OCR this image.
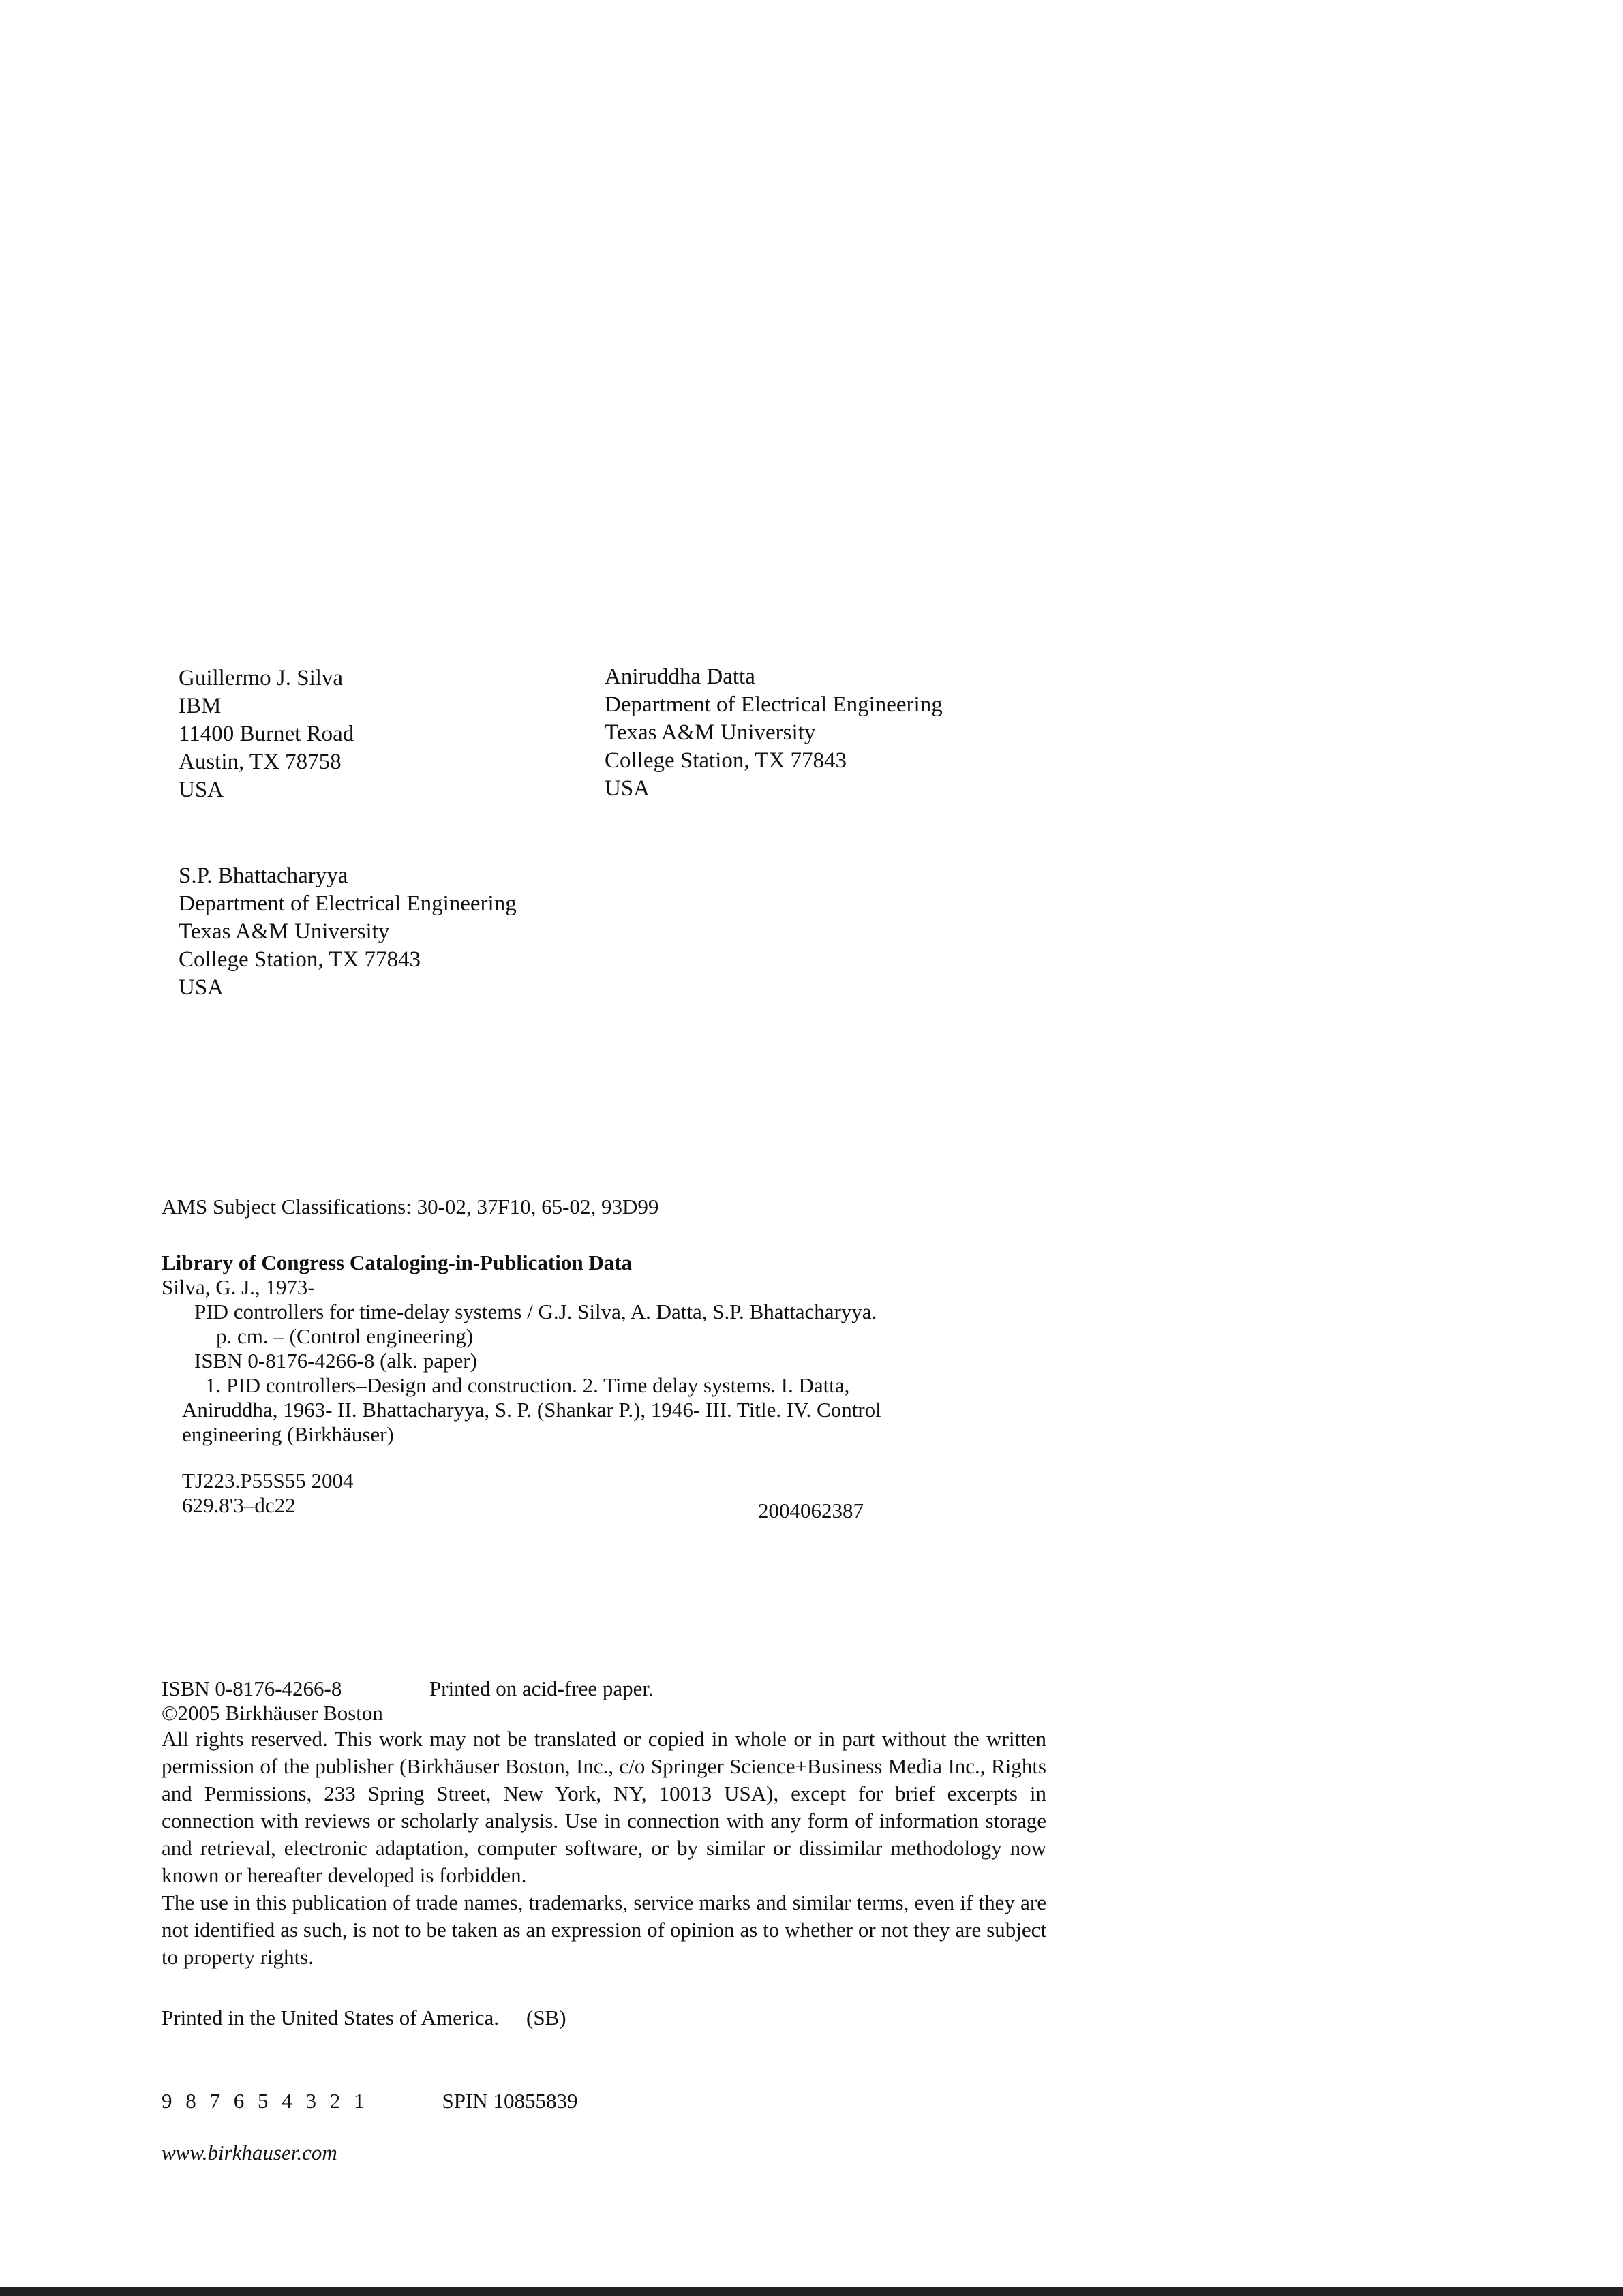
Guillermo J. Silva
IBM
11400 Burnet Road
Austin, TX 78758
USA
Aniruddha Datta
Department of Electrical Engineering
Texas A&M University
College Station, TX 77843
USA
S.P. Bhattacharyya
Department of Electrical Engineering
Texas A&M University
College Station, TX 77843
USA
AMS Subject Classifications: 30-02, 37F10, 65-02, 93D99
Library of Congress Cataloging-in-Publication Data
Silva, G. J., 1973-
PID controllers for time-delay systems / G.J. Silva, A. Datta, S.P. Bhattacharyya.
p. cm. – (Control engineering)
ISBN 0-8176-4266-8 (alk. paper)
1. PID controllers–Design and construction. 2. Time delay systems. I. Datta,
Aniruddha, 1963- II. Bhattacharyya, S. P. (Shankar P.), 1946- III. Title. IV. Control
engineering (Birkhäuser)
TJ223.P55S55 2004
629.8'3–dc22	2004062387
ISBN 0-8176-4266-8	Printed on acid-free paper.
©2005 Birkhäuser Boston

All rights reserved. This work may not be translated or copied in whole or in part without the written permission of the publisher (Birkhäuser Boston, Inc., c/o Springer Science+Business Media Inc., Rights and Permissions, 233 Spring Street, New York, NY, 10013 USA), except for brief excerpts in connection with reviews or scholarly analysis. Use in connection with any form of information storage and retrieval, electronic adaptation, computer software, or by similar or dissimilar methodology now known or hereafter developed is forbidden.

The use in this publication of trade names, trademarks, service marks and similar terms, even if they are not identified as such, is not to be taken as an expression of opinion as to whether or not they are subject to property rights.

Printed in the United States of America. (SB)
9 8 7 6 5 4 3 2 1	SPIN 10855839
www.birkhauser.com
